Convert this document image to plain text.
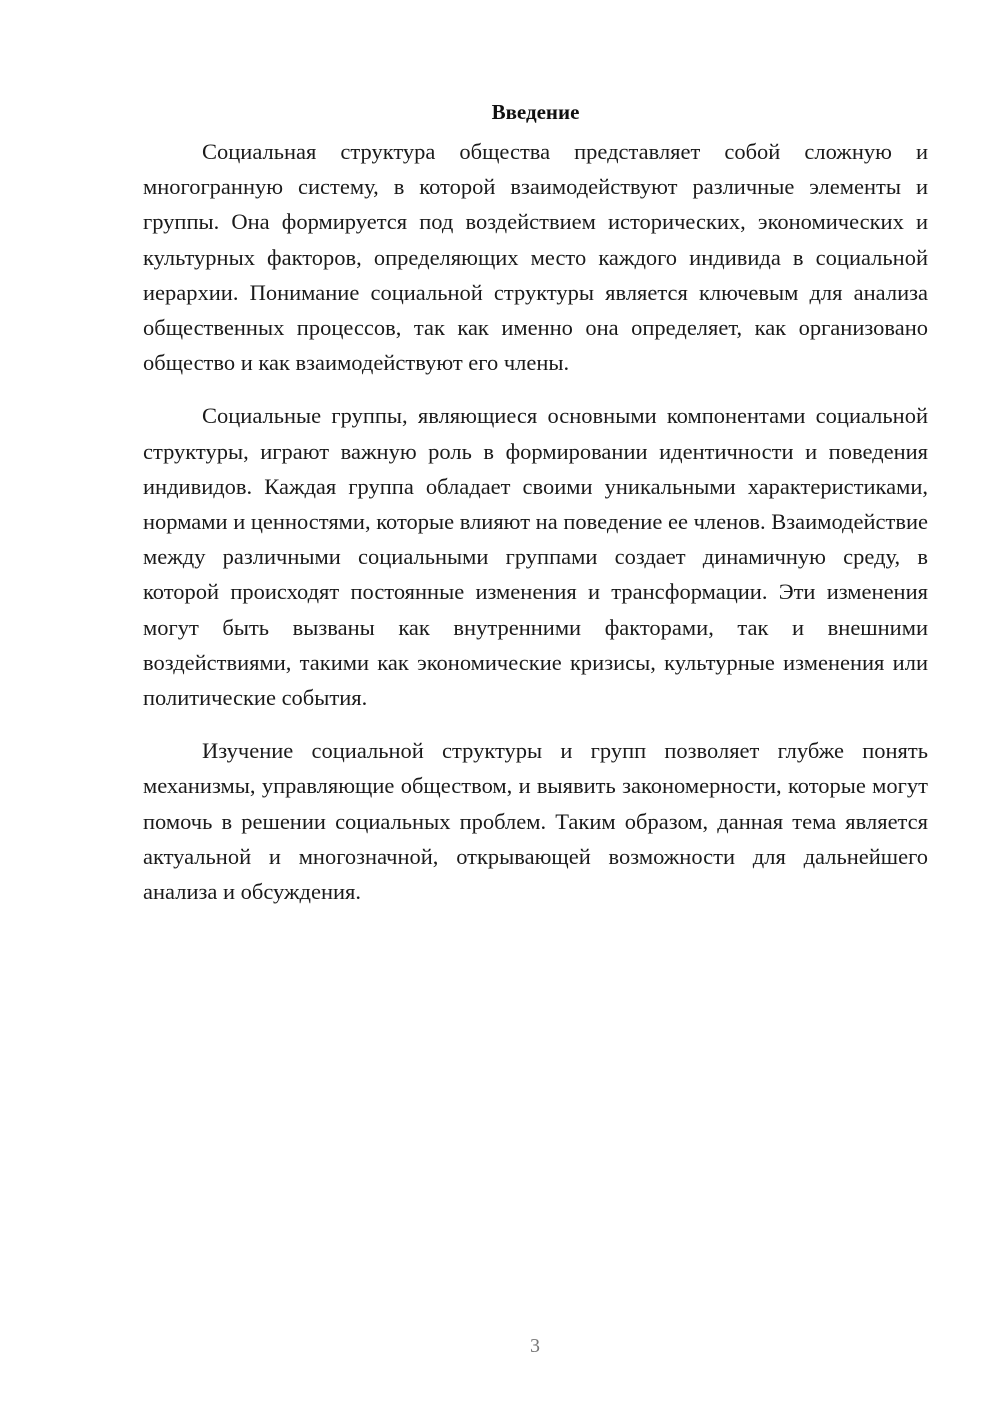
Введение

Социальная структура общества представляет собой сложную и многогранную систему, в которой взаимодействуют различные элементы и группы. Она формируется под воздействием исторических, экономических и культурных факторов, определяющих место каждого индивида в социальной иерархии. Понимание социальной структуры является ключевым для анализа общественных процессов, так как именно она определяет, как организовано общество и как взаимодействуют его члены.

Социальные группы, являющиеся основными компонентами социальной структуры, играют важную роль в формировании идентичности и поведения индивидов. Каждая группа обладает своими уникальными характеристиками, нормами и ценностями, которые влияют на поведение ее членов. Взаимодействие между различными социальными группами создает динамичную среду, в которой происходят постоянные изменения и трансформации. Эти изменения могут быть вызваны как внутренними факторами, так и внешними воздействиями, такими как экономические кризисы, культурные изменения или политические события.

Изучение социальной структуры и групп позволяет глубже понять механизмы, управляющие обществом, и выявить закономерности, которые могут помочь в решении социальных проблем. Таким образом, данная тема является актуальной и многозначной, открывающей возможности для дальнейшего анализа и обсуждения.

3
